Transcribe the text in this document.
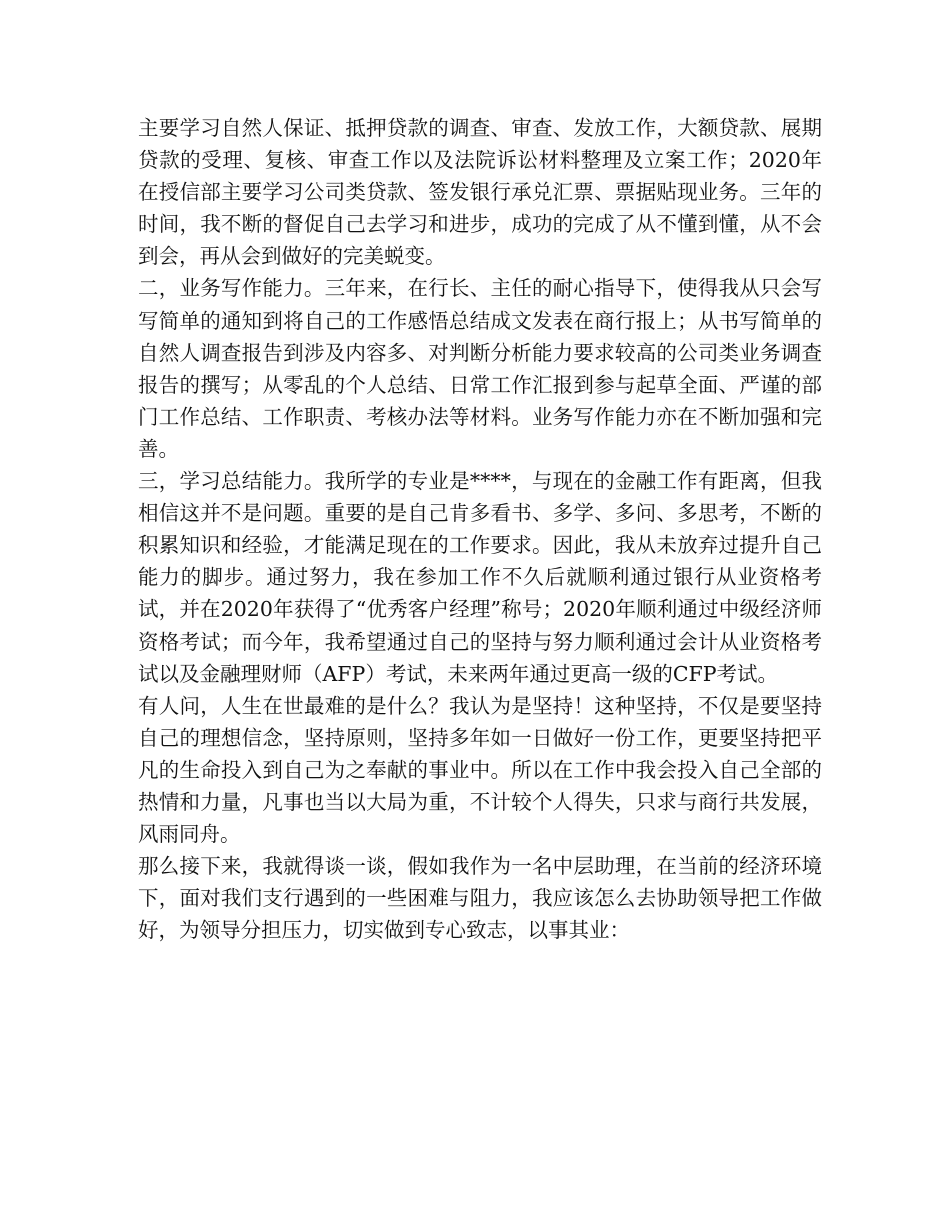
主要学习自然人保证、抵押贷款的调查、审查、发放工作，大额贷款、展期贷款的受理、复核、审查工作以及法院诉讼材料整理及立案工作；2020年在授信部主要学习公司类贷款、签发银行承兑汇票、票据贴现业务。三年的时间，我不断的督促自己去学习和进步，成功的完成了从不懂到懂，从不会到会，再从会到做好的完美蜕变。

二，业务写作能力。三年来，在行长、主任的耐心指导下，使得我从只会写写简单的通知到将自己的工作感悟总结成文发表在商行报上；从书写简单的自然人调查报告到涉及内容多、对判断分析能力要求较高的公司类业务调查报告的撰写；从零乱的个人总结、日常工作汇报到参与起草全面、严谨的部门工作总结、工作职责、考核办法等材料。业务写作能力亦在不断加强和完善。

三，学习总结能力。我所学的专业是****，与现在的金融工作有距离，但我相信这并不是问题。重要的是自己肯多看书、多学、多问、多思考，不断的积累知识和经验，才能满足现在的工作要求。因此，我从未放弃过提升自己能力的脚步。通过努力，我在参加工作不久后就顺利通过银行从业资格考试，并在2020年获得了“优秀客户经理”称号；2020年顺利通过中级经济师资格考试；而今年，我希望通过自己的坚持与努力顺利通过会计从业资格考试以及金融理财师（AFP）考试，未来两年通过更高一级的CFP考试。

有人问，人生在世最难的是什么？我认为是坚持！这种坚持，不仅是要坚持自己的理想信念，坚持原则，坚持多年如一日做好一份工作，更要坚持把平凡的生命投入到自己为之奉献的事业中。所以在工作中我会投入自己全部的热情和力量，凡事也当以大局为重，不计较个人得失，只求与商行共发展，风雨同舟。

那么接下来，我就得谈一谈，假如我作为一名中层助理，在当前的经济环境下，面对我们支行遇到的一些困难与阻力，我应该怎么去协助领导把工作做好，为领导分担压力，切实做到专心致志，以事其业：
